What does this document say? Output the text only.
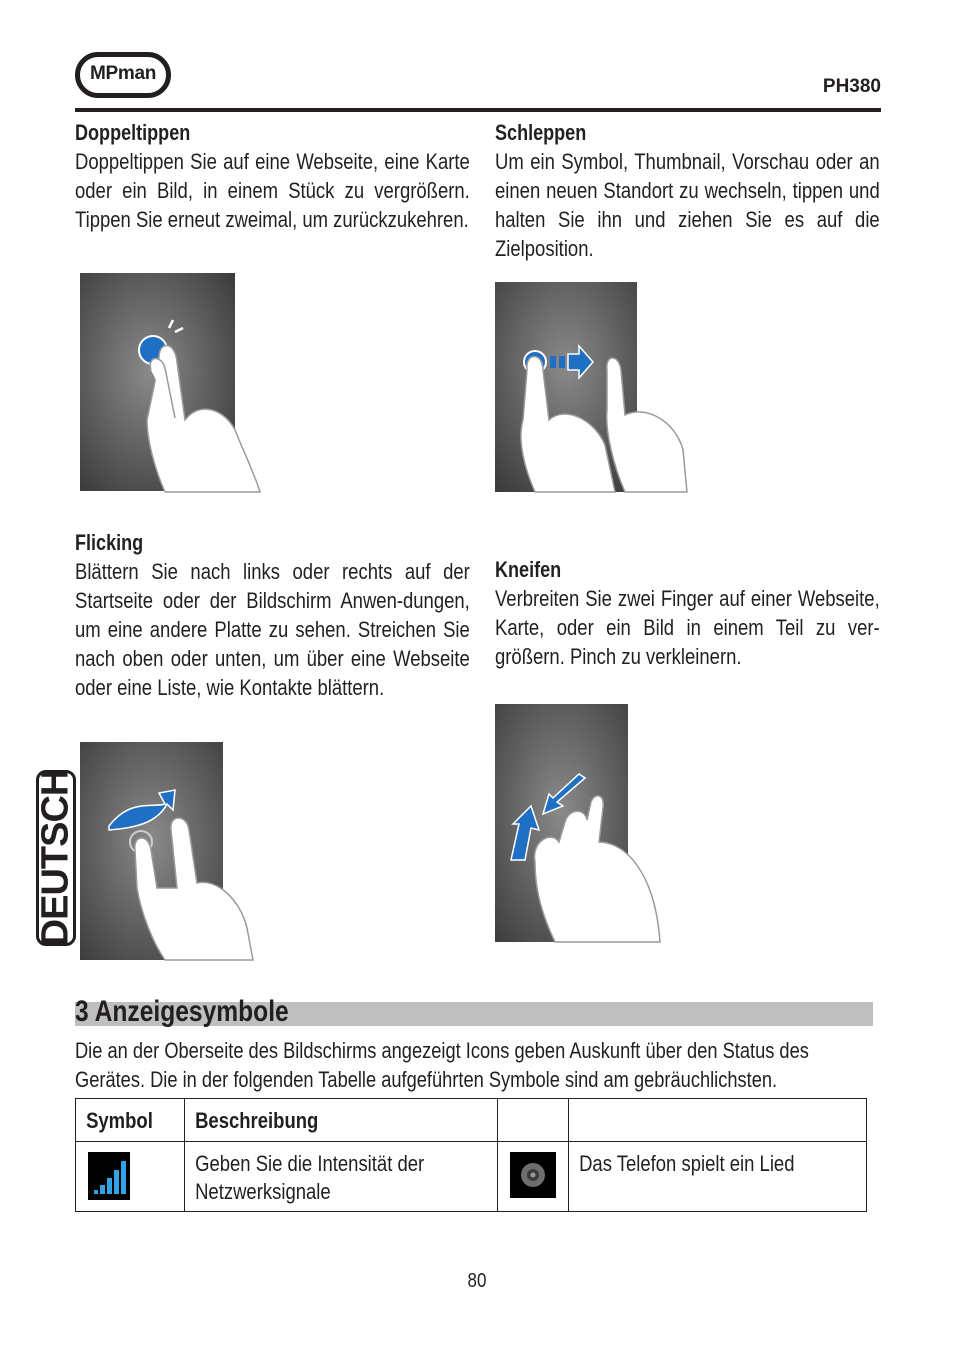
MPman
PH380
Doppeltippen
Doppeltippen Sie auf eine Webseite, eine Karte oder ein Bild, in einem Stück zu vergrößern. Tippen Sie erneut zweimal, um zurückzukehren.
Schleppen
Um ein Symbol, Thumbnail, Vorschau oder an einen neuen Standort zu wechseln, tippen und halten Sie ihn und ziehen Sie es auf die Zielposition.
Flicking
Blättern Sie nach links oder rechts auf der Startseite oder der Bildschirm Anwen-dungen, um eine andere Platte zu sehen. Streichen Sie nach oben oder unten, um über eine Webseite oder eine Liste, wie Kontakte blättern.
Kneifen
Verbreiten Sie zwei Finger auf einer Webseite, Karte, oder ein Bild in einem Teil zu ver-größern. Pinch zu verkleinern.
DEUTSCH
3 Anzeigesymbole
Die an der Oberseite des Bildschirms angezeigt Icons geben Auskunft über den Status des Gerätes. Die in der folgenden Tabelle aufgeführten Symbole sind am gebräuchlichsten.
Symbol	Beschreibung		

Geben Sie die Intensität der
Netzwerksignale		Das Telefon spielt ein Lied
80
